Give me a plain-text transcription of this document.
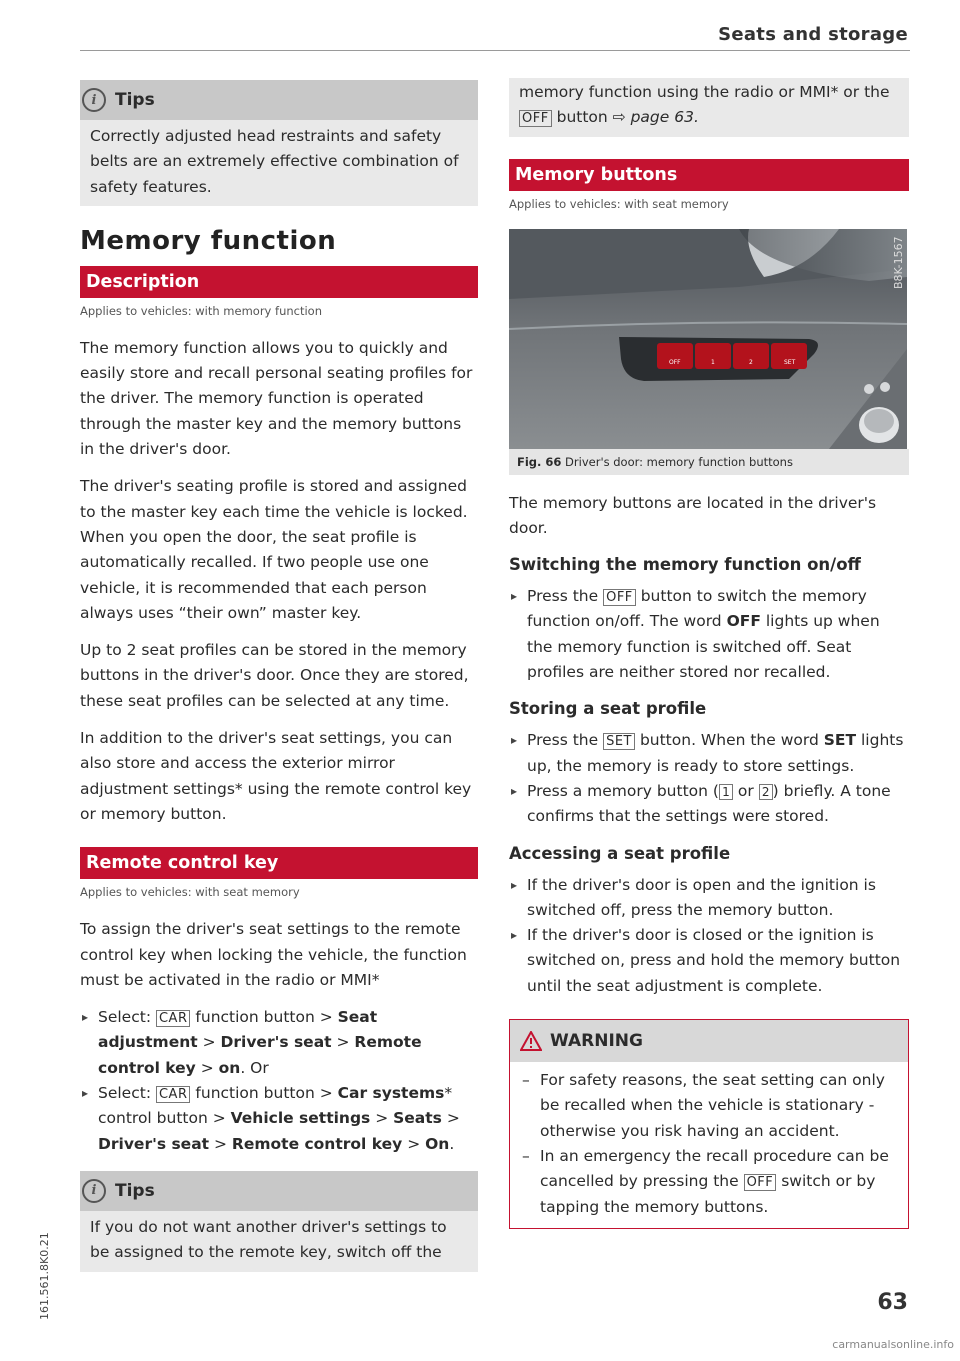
Seats and storage
i	Tips
Correctly adjusted head restraints and safety belts are an extremely effective combination of safety features.
Memory function
Description
Applies to vehicles: with memory function

The memory function allows you to quickly and easily store and recall personal seating profiles for the driver. The memory function is operated through the master key and the memory buttons in the driver's door.

The driver's seating profile is stored and assigned to the master key each time the vehicle is locked. When you open the door, the seat profile is automatically recalled. If two people use one vehicle, it is recommended that each person always uses “their own” master key.

Up to 2 seat profiles can be stored in the memory buttons in the driver's door. Once they are stored, these seat profiles can be selected at any time.

In addition to the driver's seat settings, you can also store and access the exterior mirror adjustment settings* using the remote control key or memory button.

Remote control key
Applies to vehicles: with seat memory

To assign the driver's seat settings to the remote control key when locking the vehicle, the function must be activated in the radio or MMI*

▸ Select: CAR function button > Seat adjustment > Driver's seat > Remote control key > on. Or
▸ Select: CAR function button > Car systems* control button > Vehicle settings > Seats > Driver's seat > Remote control key > On.
i	Tips
If you do not want another driver's settings to be assigned to the remote key, switch off the
memory function using the radio or MMI* or the OFF button ⇨ page 63.
Memory buttons
Applies to vehicles: with seat memory
OFF	1	2	SET
B8K-1567
Fig. 66 Driver's door: memory function buttons

The memory buttons are located in the driver's door.

Switching the memory function on/off
▸ Press the OFF button to switch the memory function on/off. The word OFF lights up when the memory function is switched off. Seat profiles are neither stored nor recalled.
Storing a seat profile
▸ Press the SET button. When the word SET lights up, the memory is ready to store settings.
▸ Press a memory button ( 1 or 2 ) briefly. A tone confirms that the settings were stored.
Accessing a seat profile
▸ If the driver's door is open and the ignition is switched off, press the memory button.
▸ If the driver's door is closed or the ignition is switched on, press and hold the memory button until the seat adjustment is complete.
WARNING
– For safety reasons, the seat setting can only be recalled when the vehicle is stationary - otherwise you risk having an accident.
– In an emergency the recall procedure can be cancelled by pressing the OFF switch or by tapping the memory buttons.
63
161.561.8K0.21
carmanualsonline.info
